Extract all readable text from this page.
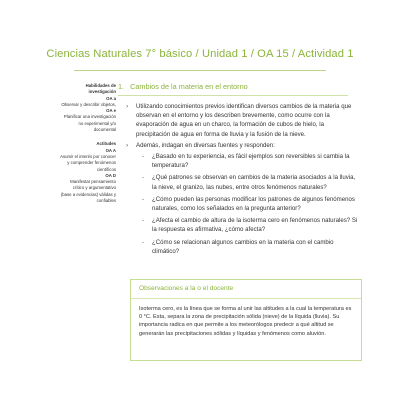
Ciencias Naturales 7° básico / Unidad 1 / OA 15 / Actividad 1
Habilidades de
investigación
OA a
Observar y describir objetos,
OA e
Planificar una investigación
no experimental y/o
documental
Actitudes
OA A
Asumir el interés por conocer
y comprender fenómenos
científicos
OA D
Manifestar pensamiento
crítico y argumentativo
(base a evidencias) válidas y
confiables
1. Cambios de la materia en el entorno
› Utilizando conocimientos previos identifican diversos cambios de la materia que observan en el entorno y los describen brevemente, como ocurre con la evaporación de agua en un charco, la formación de cubos de hielo, la precipitación de agua en forma de lluvia y la fusión de la nieve.
› Además, indagan en diversas fuentes y responden:
- ¿Basado en tu experiencia, es fácil ejemplos son reversibles si cambia la temperatura?
- ¿Qué patrones se observan en cambios de la materia asociados a la lluvia, la nieve, el granizo, las nubes, entre otros fenómenos naturales?
- ¿Cómo pueden las personas modificar los patrones de algunos fenómenos naturales, como los señalados en la pregunta anterior?
- ¿Afecta el cambio de altura de la isoterma cero en fenómenos naturales? Si la respuesta es afirmativa, ¿cómo afecta?
- ¿Cómo se relacionan algunos cambios en la materia con el cambio climático?
Observaciones a la o el docente
Isoterma cero, es la línea que se forma al unir las altitudes a la cual la temperatura es 0 °C. Esta, separa la zona de precipitación sólida (nieve) de la líquida (lluvia). Su importancia radica en que permite a los meteorólogos predecir a qué altitud se generarán las precipitaciones sólidas y líquidas y fenómenos como aluvión.
